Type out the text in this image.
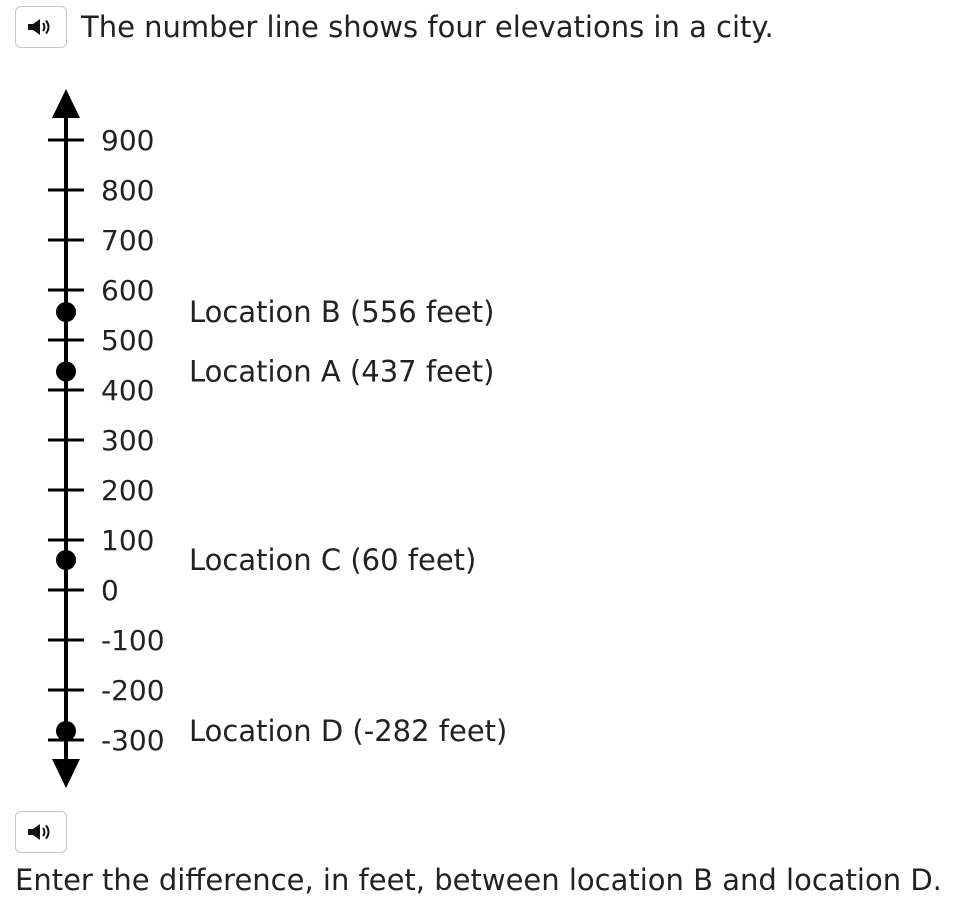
The number line shows four elevations in a city.
900
800
700
600
500
400
300
200
100
0
-100
-200
-300
Location B (556 feet)
Location A (437 feet)
Location C (60 feet)
Location D (-282 feet)
Enter the difference, in feet, between location B and location D.
